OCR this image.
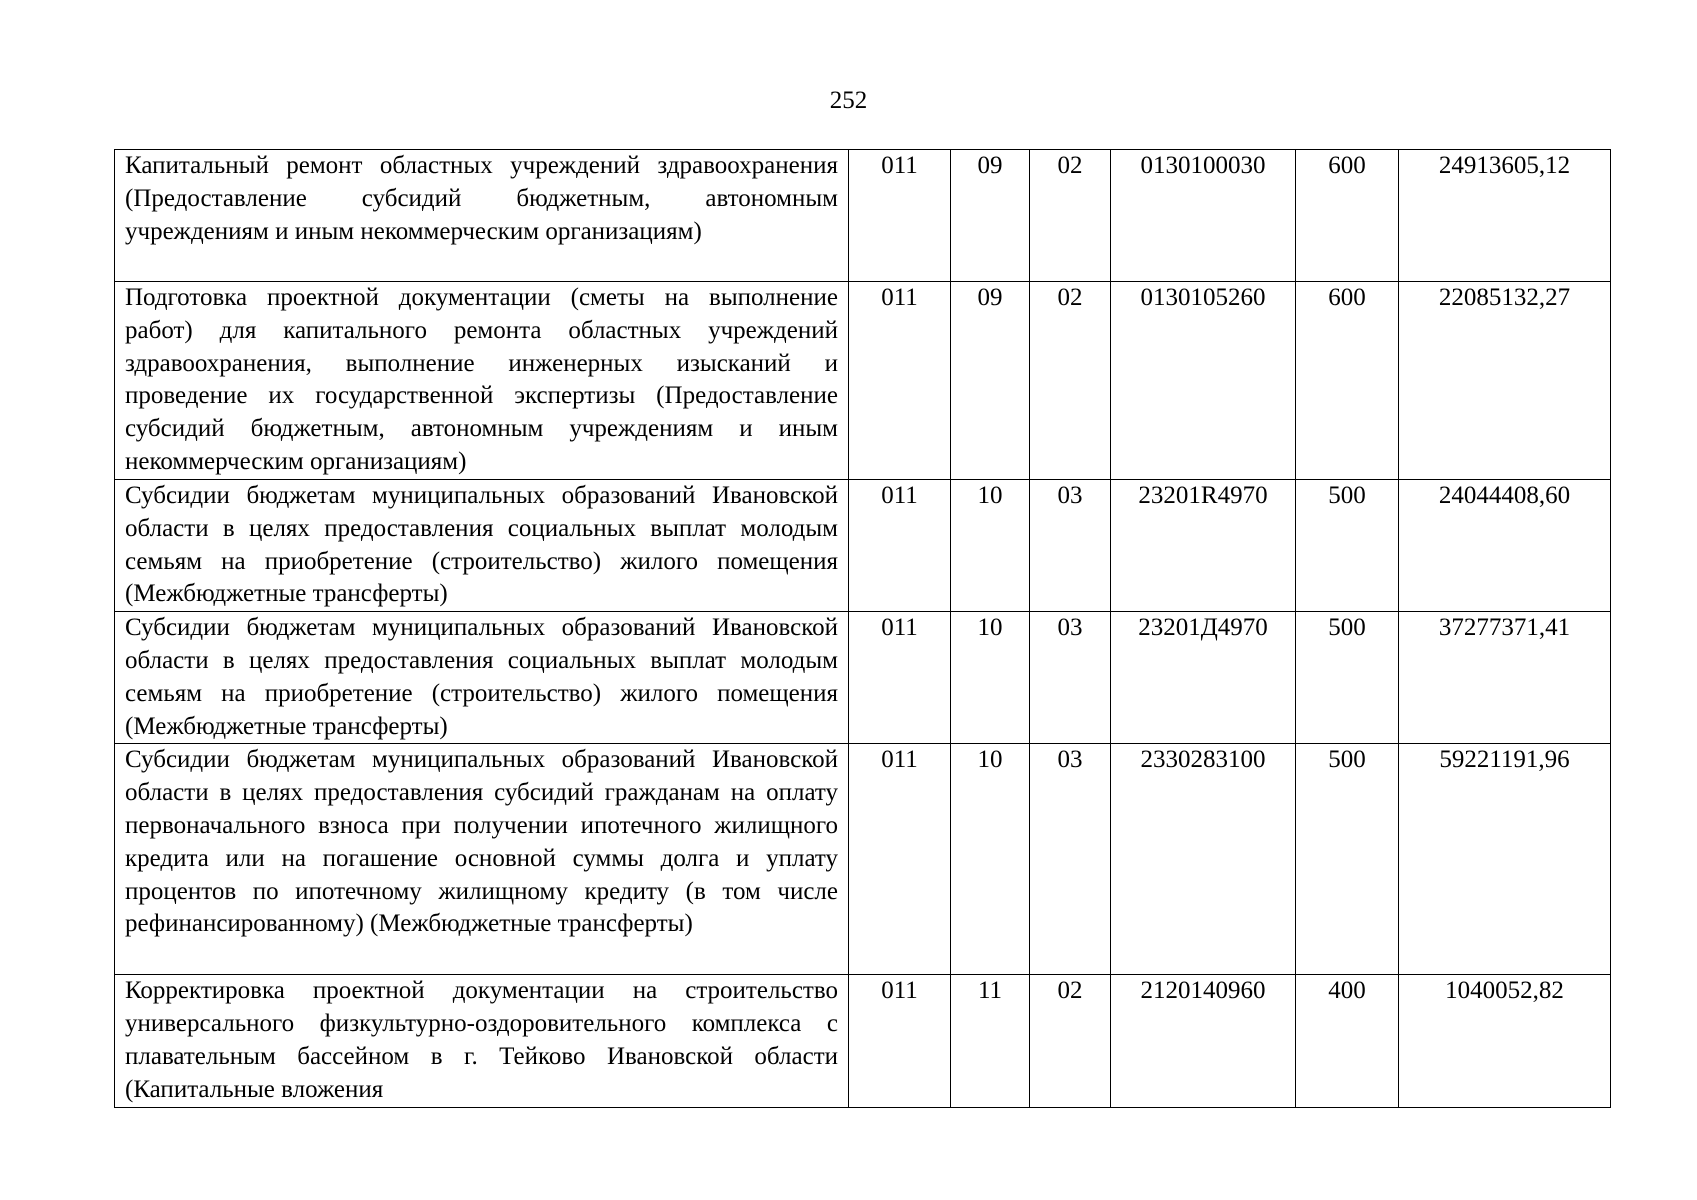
252
Капитальный ремонт областных учреждений здравоохранения (Предоставление субсидий бюджетным, автономным учреждениям и иным некоммерческим организациям)	011	09	02	0130100030	600	24913605,12
Подготовка проектной документации (сметы на выполнение работ) для капитального ремонта областных учреждений здравоохранения, выполнение инженерных изысканий и проведение их государственной экспертизы (Предоставление субсидий бюджетным, автономным учреждениям и иным некоммерческим организациям)	011	09	02	0130105260	600	22085132,27
Субсидии бюджетам муниципальных образований Ивановской области в целях предоставления социальных выплат молодым семьям на приобретение (строительство) жилого помещения (Межбюджетные трансферты)	011	10	03	23201R4970	500	24044408,60
Субсидии бюджетам муниципальных образований Ивановской области в целях предоставления социальных выплат молодым семьям на приобретение (строительство) жилого помещения (Межбюджетные трансферты)	011	10	03	23201Д4970	500	37277371,41
Субсидии бюджетам муниципальных образований Ивановской области в целях предоставления субсидий гражданам на оплату первоначального взноса при получении ипотечного жилищного кредита или на погашение основной суммы долга и уплату процентов по ипотечному жилищному кредиту (в том числе рефинансированному) (Межбюджетные трансферты)	011	10	03	2330283100	500	59221191,96
Корректировка проектной документации на строительство универсального физкультурно-оздоровительного комплекса с плавательным бассейном в г. Тейково Ивановской области (Капитальные вложения	011	11	02	2120140960	400	1040052,82
